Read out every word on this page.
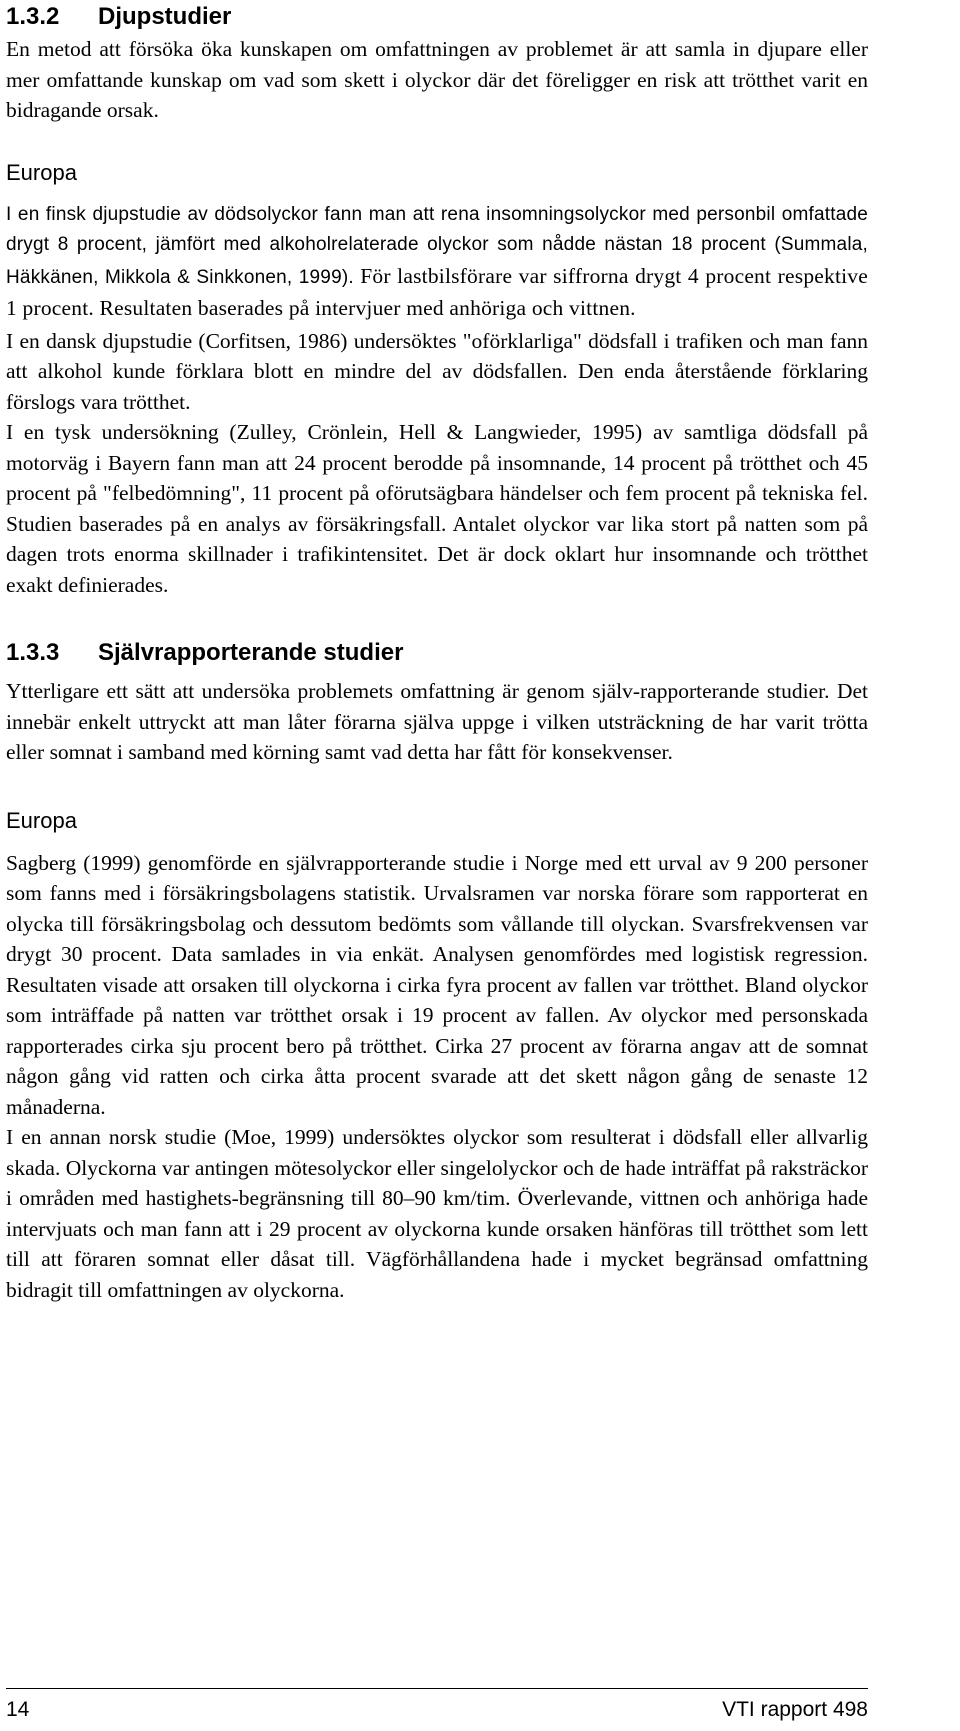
1.3.2 Djupstudier

En metod att försöka öka kunskapen om omfattningen av problemet är att samla in djupare eller mer omfattande kunskap om vad som skett i olyckor där det föreligger en risk att trötthet varit en bidragande orsak.

Europa

I en finsk djupstudie av dödsolyckor fann man att rena insomningsolyckor med personbil omfattade drygt 8 procent, jämfört med alkoholrelaterade olyckor som nådde nästan 18 procent (Summala, Häkkänen, Mikkola & Sinkkonen, 1999). För lastbilsförare var siffrorna drygt 4 procent respektive 1 procent. Resultaten baserades på intervjuer med anhöriga och vittnen.

I en dansk djupstudie (Corfitsen, 1986) undersöktes "oförklarliga" dödsfall i trafiken och man fann att alkohol kunde förklara blott en mindre del av dödsfallen. Den enda återstående förklaring förslogs vara trötthet.

I en tysk undersökning (Zulley, Crönlein, Hell & Langwieder, 1995) av samtliga dödsfall på motorväg i Bayern fann man att 24 procent berodde på insomnande, 14 procent på trötthet och 45 procent på "felbedömning", 11 procent på oförutsägbara händelser och fem procent på tekniska fel. Studien baserades på en analys av försäkringsfall. Antalet olyckor var lika stort på natten som på dagen trots enorma skillnader i trafikintensitet. Det är dock oklart hur insomnande och trötthet exakt definierades.

1.3.3 Självrapporterande studier

Ytterligare ett sätt att undersöka problemets omfattning är genom själv-rapporterande studier. Det innebär enkelt uttryckt att man låter förarna själva uppge i vilken utsträckning de har varit trötta eller somnat i samband med körning samt vad detta har fått för konsekvenser.

Europa

Sagberg (1999) genomförde en självrapporterande studie i Norge med ett urval av 9 200 personer som fanns med i försäkringsbolagens statistik. Urvalsramen var norska förare som rapporterat en olycka till försäkringsbolag och dessutom bedömts som vållande till olyckan. Svarsfrekvensen var drygt 30 procent. Data samlades in via enkät. Analysen genomfördes med logistisk regression. Resultaten visade att orsaken till olyckorna i cirka fyra procent av fallen var trötthet. Bland olyckor som inträffade på natten var trötthet orsak i 19 procent av fallen. Av olyckor med personskada rapporterades cirka sju procent bero på trötthet. Cirka 27 procent av förarna angav att de somnat någon gång vid ratten och cirka åtta procent svarade att det skett någon gång de senaste 12 månaderna.

I en annan norsk studie (Moe, 1999) undersöktes olyckor som resulterat i dödsfall eller allvarlig skada. Olyckorna var antingen mötesolyckor eller singelolyckor och de hade inträffat på raksträckor i områden med hastighets-begränsning till 80–90 km/tim. Överlevande, vittnen och anhöriga hade intervjuats och man fann att i 29 procent av olyckorna kunde orsaken hänföras till trötthet som lett till att föraren somnat eller dåsat till. Vägförhållandena hade i mycket begränsad omfattning bidragit till omfattningen av olyckorna.

14	VTI rapport 498
